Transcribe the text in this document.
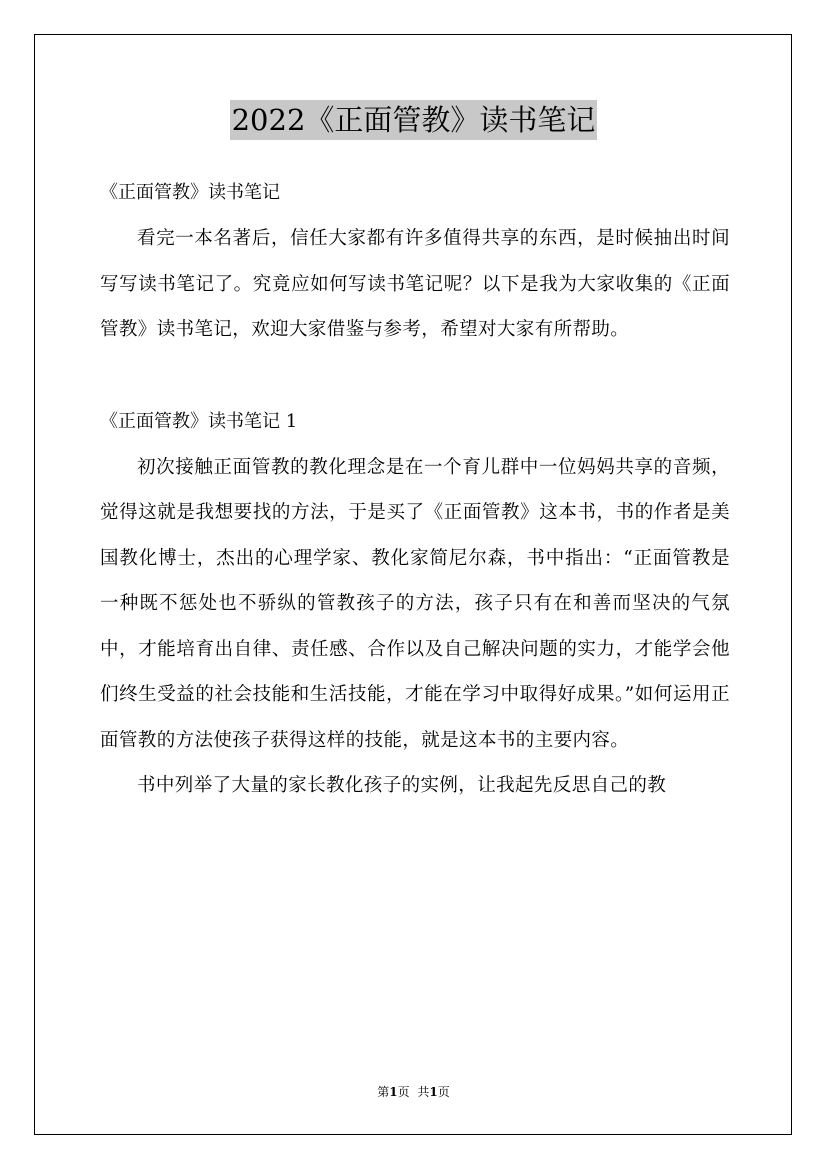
2022《正面管教》读书笔记

《正面管教》读书笔记

看完一本名著后，信任大家都有许多值得共享的东西，是时候抽出时间写写读书笔记了。究竟应如何写读书笔记呢？以下是我为大家收集的《正面管教》读书笔记，欢迎大家借鉴与参考，希望对大家有所帮助。

《正面管教》读书笔记 1

初次接触正面管教的教化理念是在一个育儿群中一位妈妈共享的音频，觉得这就是我想要找的方法，于是买了《正面管教》这本书，书的作者是美国教化博士，杰出的心理学家、教化家简尼尔森，书中指出：“正面管教是一种既不惩处也不骄纵的管教孩子的方法，孩子只有在和善而坚决的气氛中，才能培育出自律、责任感、合作以及自己解决问题的实力，才能学会他们终生受益的社会技能和生活技能，才能在学习中取得好成果。”如何运用正面管教的方法使孩子获得这样的技能，就是这本书的主要内容。

书中列举了大量的家长教化孩子的实例，让我起先反思自己的教

第1页 共1页
